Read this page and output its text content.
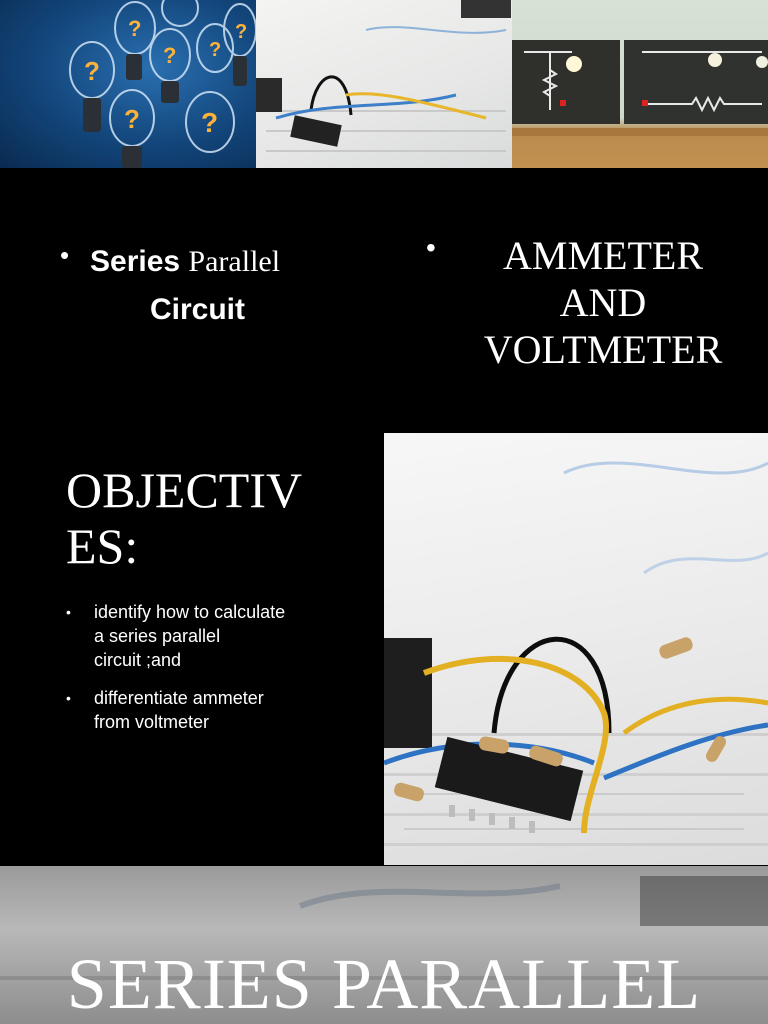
?
?
? ?
?
? ?
• Series Parallel
Circuit
•	AMMETER
AND
VOLTMETER
OBJECTIV
ES:
• identify how to calculate
a series parallel
circuit ;and
• differentiate ammeter
from voltmeter
SERIES PARALLEL
